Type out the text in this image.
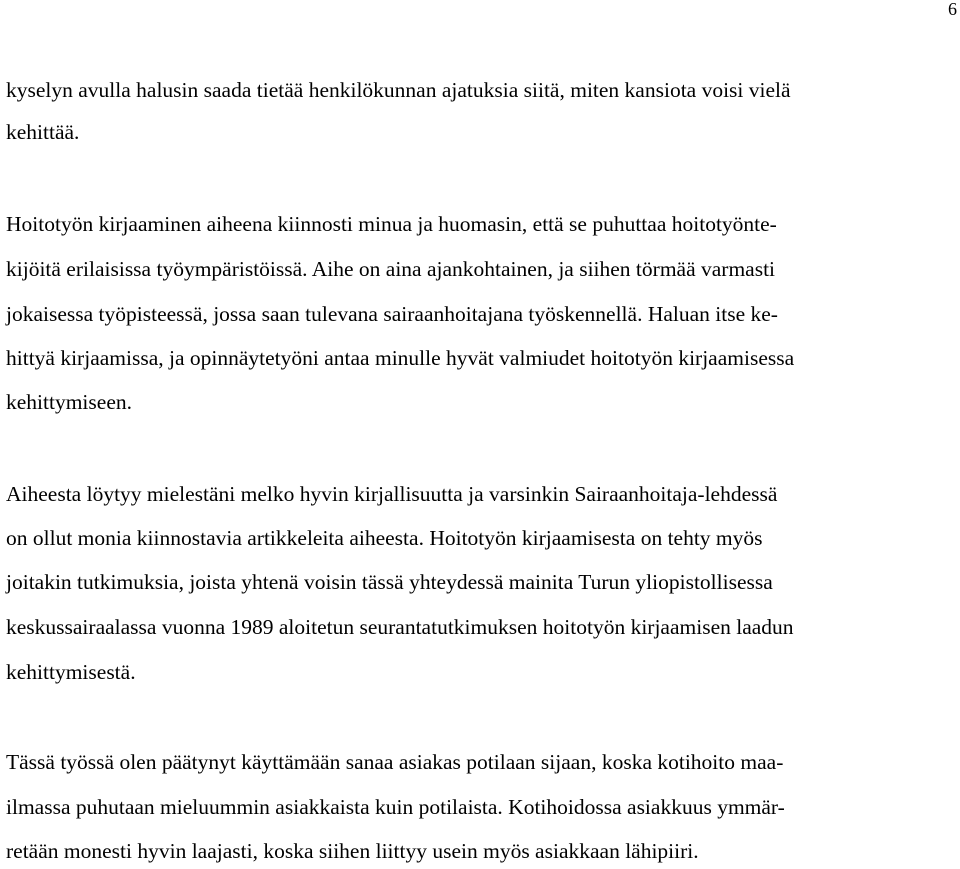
6

kyselyn avulla halusin saada tietää henkilökunnan ajatuksia siitä, miten kansiota voisi vielä

kehittää.

Hoitotyön kirjaaminen aiheena kiinnosti minua ja huomasin, että se puhuttaa hoitotyönte-

kijöitä erilaisissa työympäristöissä. Aihe on aina ajankohtainen, ja siihen törmää varmasti

jokaisessa työpisteessä, jossa saan tulevana sairaanhoitajana työskennellä. Haluan itse ke-

hittyä kirjaamissa, ja opinnäytetyöni antaa minulle hyvät valmiudet hoitotyön kirjaamisessa

kehittymiseen.

Aiheesta löytyy mielestäni melko hyvin kirjallisuutta ja varsinkin Sairaanhoitaja-lehdessä

on ollut monia kiinnostavia artikkeleita aiheesta. Hoitotyön kirjaamisesta on tehty myös

joitakin tutkimuksia, joista yhtenä voisin tässä yhteydessä mainita Turun yliopistollisessa

keskussairaalassa vuonna 1989 aloitetun seurantatutkimuksen hoitotyön kirjaamisen laadun

kehittymisestä.

Tässä työssä olen päätynyt käyttämään sanaa asiakas potilaan sijaan, koska kotihoito maa-

ilmassa puhutaan mieluummin asiakkaista kuin potilaista. Kotihoidossa asiakkuus ymmär-

retään monesti hyvin laajasti, koska siihen liittyy usein myös asiakkaan lähipiiri.
